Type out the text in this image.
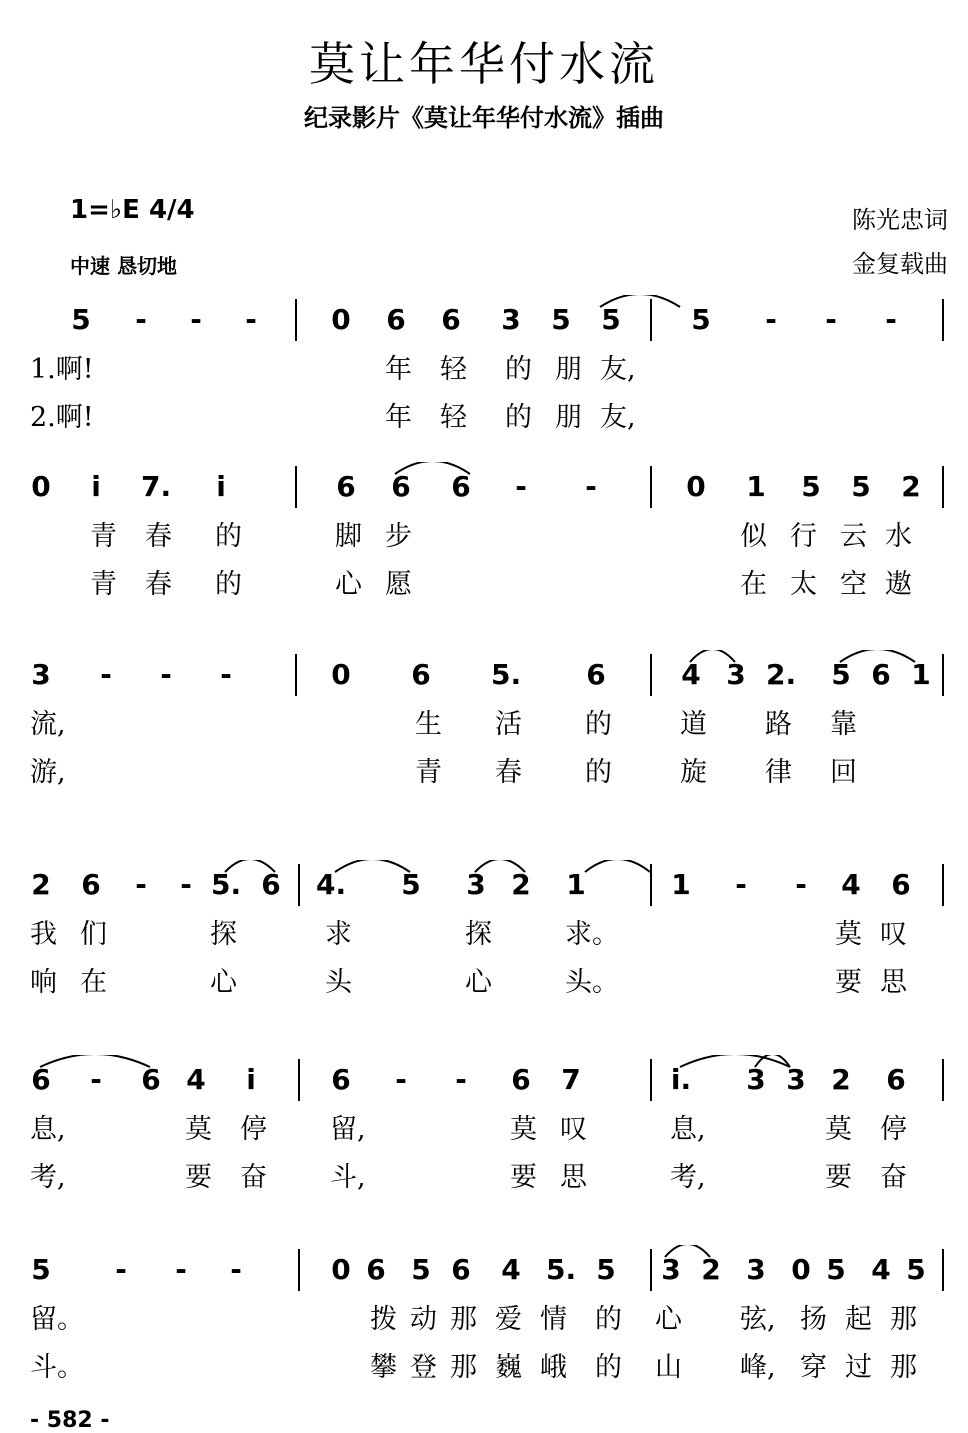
莫让年华付水流
纪录影片《莫让年华付水流》插曲
1=♭E 4/4
中速 恳切地
陈光忠词
金复载曲
5	-	-	-	0 6 6 3 5 5	5	-	-	-
1.啊!	年 轻 的 朋 友,
2.啊!	年 轻 的 朋 友,
0	i	7.	i	6 6 6	-	-	0 1 5 5 2
青 春 的	脚 步	似 行 云 水
青 春 的	心 愿	在 太 空 遨
3	-	-	-	0 6 5. 6	4 3 2. 5 6 1
流,	生 活 的	道 路 靠
游,	青 春 的	旋 律 回
2 6	-	- 5. 6 4. 5 3 2 1	1	-	-	4 6
我 们	探	求	探	求。	莫 叹
响 在	心	头	心	头。	要 思
6	-	6 4	i	6	-	-	6 7	i. 3 3 2 6
息,	莫 停 留,	莫 叹	息,	莫 停
考,	要 奋 斗,	要 思	考,	要 奋
5	-	-	-	0 6 5 6 4 5. 5 3 2 3 0 5 4 5
留。	拨 动 那 爱 情 的 心 弦, 扬 起 那
斗。	攀 登 那 巍 峨 的 山 峰, 穿 过 那
- 582 -
